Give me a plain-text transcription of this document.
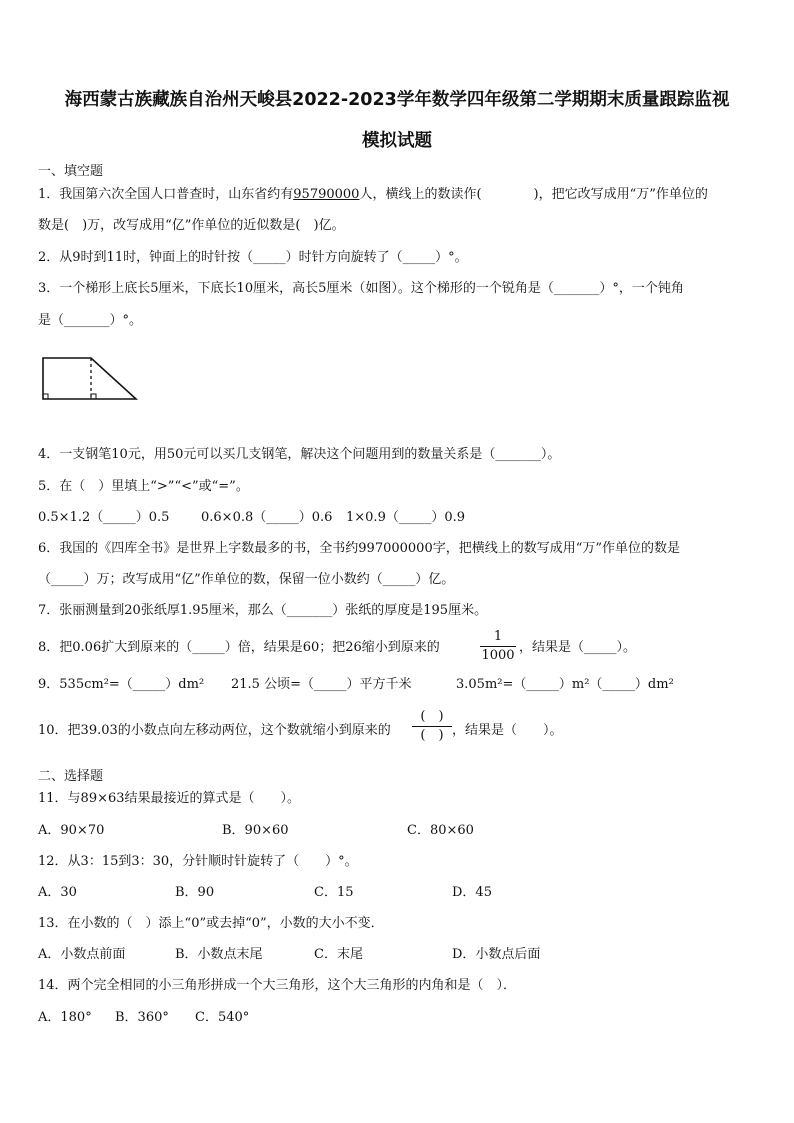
海西蒙古族藏族自治州天峻县2022-2023学年数学四年级第二学期期末质量跟踪监视
模拟试题
一、填空题
1．我国第六次全国人口普查时，山东省约有95790000人，横线上的数读作(　　　　)，把它改写成用“万”作单位的
数是(　)万，改写成用“亿”作单位的近似数是(　)亿。
2．从9时到11时，钟面上的时针按（_____）时针方向旋转了（_____）°。
3．一个梯形上底长5厘米，下底长10厘米，高长5厘米（如图）。这个梯形的一个锐角是（_______）°，一个钝角
是（_______）°。
4．一支钢笔10元，用50元可以买几支钢笔，解决这个问题用到的数量关系是（_______）。
5．在（　）里填上“>”“<”或“=”。
0.5×1.2（_____）0.5 0.6×0.8（_____）0.6 1×0.9（_____）0.9
6．我国的《四库全书》是世界上字数最多的书，全书约997000000字，把横线上的数写成用“万”作单位的数是
（_____）万；改写成用“亿”作单位的数，保留一位小数约（_____）亿。
7．张丽测量到20张纸厚1.95厘米，那么（_______）张纸的厚度是195厘米。
8．把0.06扩大到原来的（_____）倍，结果是60；把26缩小到原来的	，结果是（_____）。
1
1000
9．535cm²=（_____）dm² 21.5 公顷=（_____）平方千米	3.05m²=（_____）m²（_____）dm²
10．把39.03的小数点向左移动两位，这个数就缩小到原来的	，结果是（　　）。
(　)
(　)
二、选择题
11．与89×63结果最接近的算式是（　　）。
A．90×70	B．90×60	C．80×60
12．从3：15到3：30，分针顺时针旋转了（　　）°。
A．30	B．90	C．15	D．45
13．在小数的（　）添上“0”或去掉“0”，小数的大小不变．
A．小数点前面	B．小数点末尾	C．末尾	D．小数点后面
14．两个完全相同的小三角形拼成一个大三角形，这个大三角形的内角和是（　）．
A．180° B．360° C．540°
